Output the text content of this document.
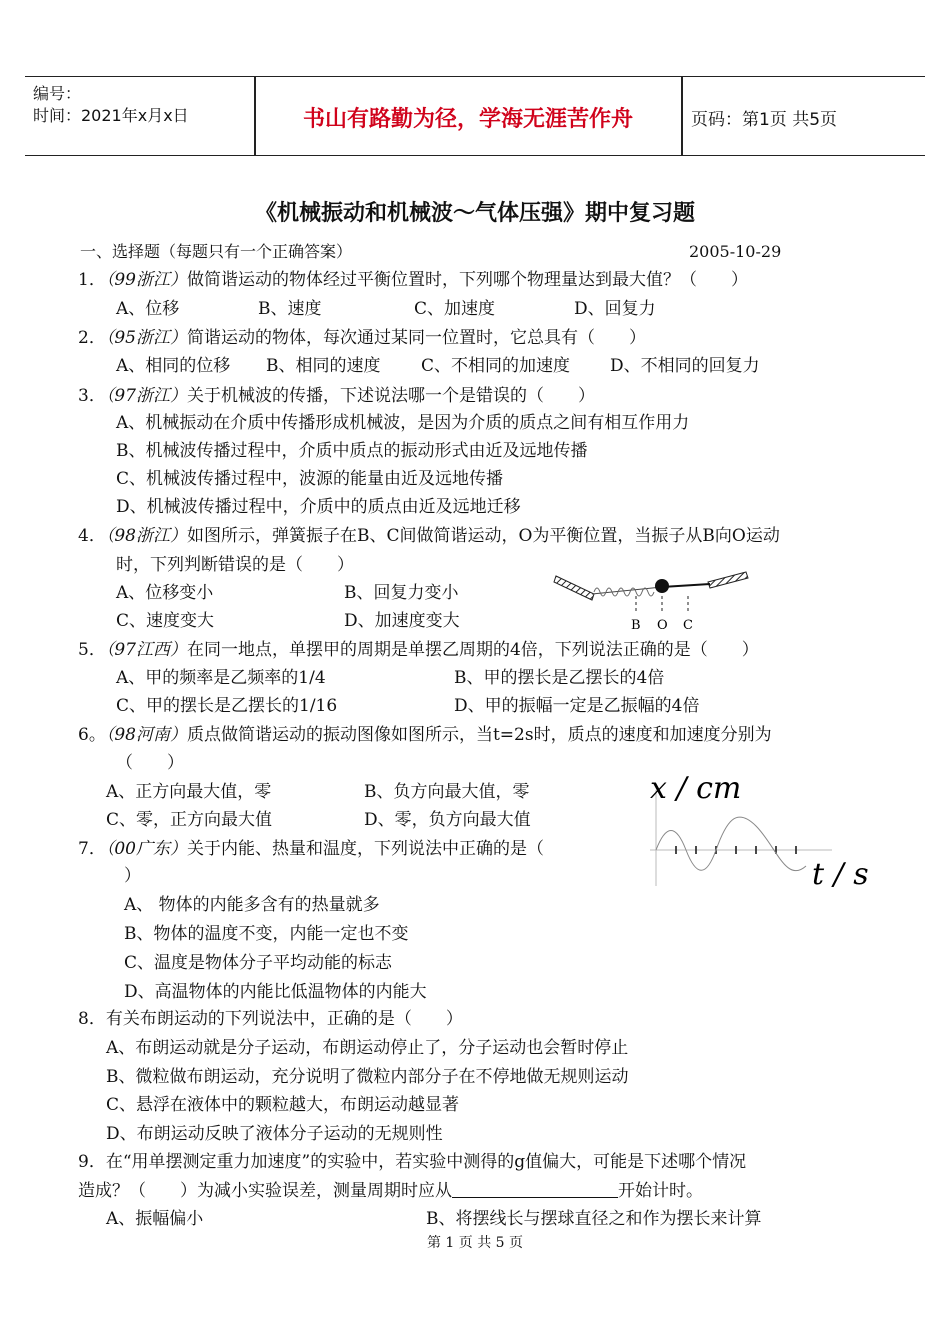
编号：
时间：2021年x月x日	书山有路勤为径，学海无涯苦作舟	页码：第1页 共5页
《机械振动和机械波～气体压强》期中复习题
一、选择题（每题只有一个正确答案）	2005-10-29
1．（99浙江）做简谐运动的物体经过平衡位置时，下列哪个物理量达到最大值？（　　）
A、位移	B、速度	C、加速度	D、回复力
2．（95浙江）简谐运动的物体，每次通过某同一位置时，它总具有（　　）
A、相同的位移 B、相同的速度 C、不相同的加速度 D、不相同的回复力
3．（97浙江）关于机械波的传播，下述说法哪一个是错误的（　　）
A、机械振动在介质中传播形成机械波，是因为介质的质点之间有相互作用力
B、机械波传播过程中，介质中质点的振动形式由近及远地传播
C、机械波传播过程中，波源的能量由近及远地传播
D、机械波传播过程中，介质中的质点由近及远地迁移
4．（98浙江）如图所示，弹簧振子在B、C间做简谐运动，O为平衡位置，当振子从B向O运动
时，下列判断错误的是（　　）
A、位移变小	B、回复力变小
C、速度变大	D、加速度变大	B O C
5．（97江西）在同一地点，单摆甲的周期是单摆乙周期的4倍，下列说法正确的是（　　）
A、甲的频率是乙频率的1/4	B、甲的摆长是乙摆长的4倍
C、甲的摆长是乙摆长的1/16	D、甲的振幅一定是乙振幅的4倍
6。（98河南）质点做简谐运动的振动图像如图所示，当t=2s时，质点的速度和加速度分别为
（　　）
A、正方向最大值，零	B、负方向最大值，零
C、零，正方向最大值	D、零，负方向最大值
x / cm
t / s
7．（00广东）关于内能、热量和温度，下列说法中正确的是（
）
A、 物体的内能多含有的热量就多
B、物体的温度不变，内能一定也不变
C、温度是物体分子平均动能的标志
D、高温物体的内能比低温物体的内能大
8．有关布朗运动的下列说法中，正确的是（　　）
A、布朗运动就是分子运动，布朗运动停止了，分子运动也会暂时停止
B、微粒做布朗运动，充分说明了微粒内部分子在不停地做无规则运动
C、悬浮在液体中的颗粒越大，布朗运动越显著
D、布朗运动反映了液体分子运动的无规则性
9．在“用单摆测定重力加速度”的实验中，若实验中测得的g值偏大，可能是下述哪个情况
造成？（　　）为减小实验误差，测量周期时应从	开始计时。
A、振幅偏小	B、将摆线长与摆球直径之和作为摆长来计算
第 1 页 共 5 页
